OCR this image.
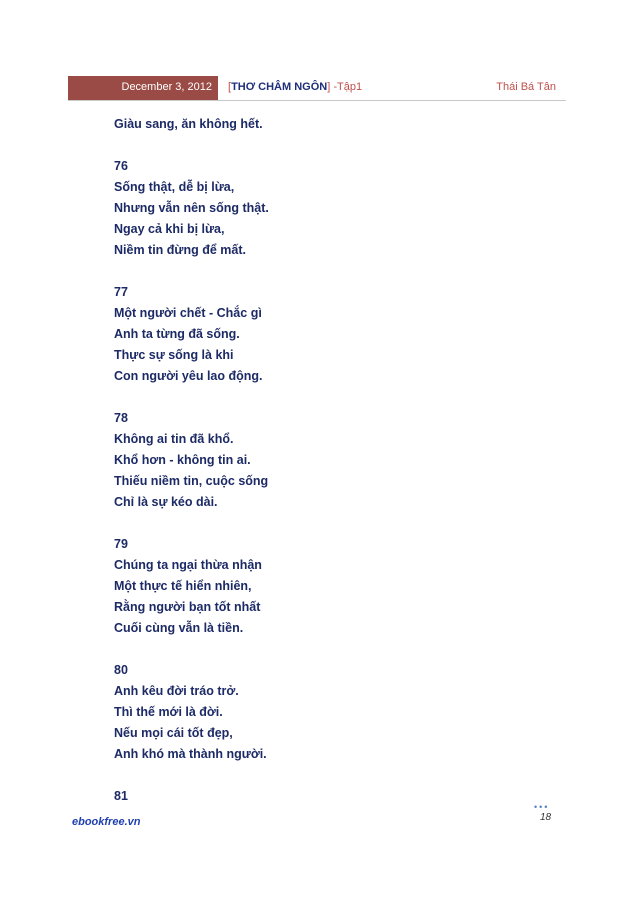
December 3, 2012 [THƠ CHÂM NGÔN] -Tập1	Thái Bá Tân
Giàu sang, ăn không hết.
76
Sống thật, dễ bị lừa,
Nhưng vẫn nên sống thật.
Ngay cả khi bị lừa,
Niềm tin đừng để mất.
77
Một người chết - Chắc gì
Anh ta từng đã sống.
Thực sự sống là khi
Con người yêu lao động.
78
Không ai tin đã khổ.
Khổ hơn - không tin ai.
Thiếu niềm tin, cuộc sống
Chỉ là sự kéo dài.
79
Chúng ta ngại thừa nhận
Một thực tế hiển nhiên,
Rằng người bạn tốt nhất
Cuối cùng vẫn là tiền.
80
Anh kêu đời tráo trở.
Thì thế mới là đời.
Nếu mọi cái tốt đẹp,
Anh khó mà thành người.
81
ebookfree.vn
•••
18
